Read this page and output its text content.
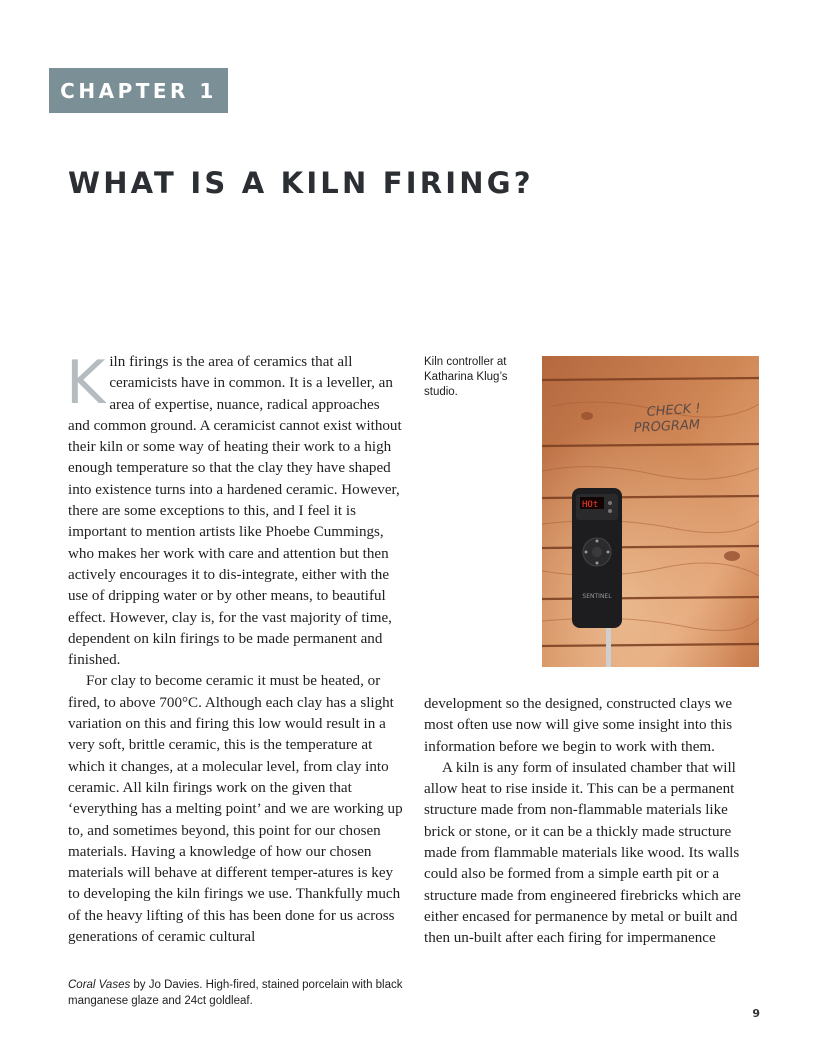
CHAPTER 1
WHAT IS A KILN FIRING?

Kiln firings is the area of ceramics that all ceramicists have in common. It is a leveller, an area of expertise, nuance, radical approaches and common ground. A ceramicist cannot exist without their kiln or some way of heating their work to a high enough temperature so that the clay they have shaped into existence turns into a hardened ceramic. However, there are some exceptions to this, and I feel it is important to mention artists like Phoebe Cummings, who makes her work with care and attention but then actively encourages it to dis-integrate, either with the use of dripping water or by other means, to beautiful effect. However, clay is, for the vast majority of time, dependent on kiln firings to be made permanent and finished.

For clay to become ceramic it must be heated, or fired, to above 700°C. Although each clay has a slight variation on this and firing this low would result in a very soft, brittle ceramic, this is the temperature at which it changes, at a molecular level, from clay into ceramic. All kiln firings work on the given that ‘everything has a melting point’ and we are working up to, and sometimes beyond, this point for our chosen materials. Having a knowledge of how our chosen materials will behave at different temper-atures is key to developing the kiln firings we use. Thankfully much of the heavy lifting of this has been done for us across generations of ceramic cultural

Kiln controller at Katharina Klug’s studio.
CHECK !
PROGRAM
HOt
SENTINEL

development so the designed, constructed clays we most often use now will give some insight into this information before we begin to work with them.

A kiln is any form of insulated chamber that will allow heat to rise inside it. This can be a permanent structure made from non-flammable materials like brick or stone, or it can be a thickly made structure made from flammable materials like wood. Its walls could also be formed from a simple earth pit or a structure made from engineered firebricks which are either encased for permanence by metal or built and then un-built after each firing for impermanence

Coral Vases by Jo Davies. High-fired, stained porcelain with black manganese glaze and 24ct goldleaf.
9
